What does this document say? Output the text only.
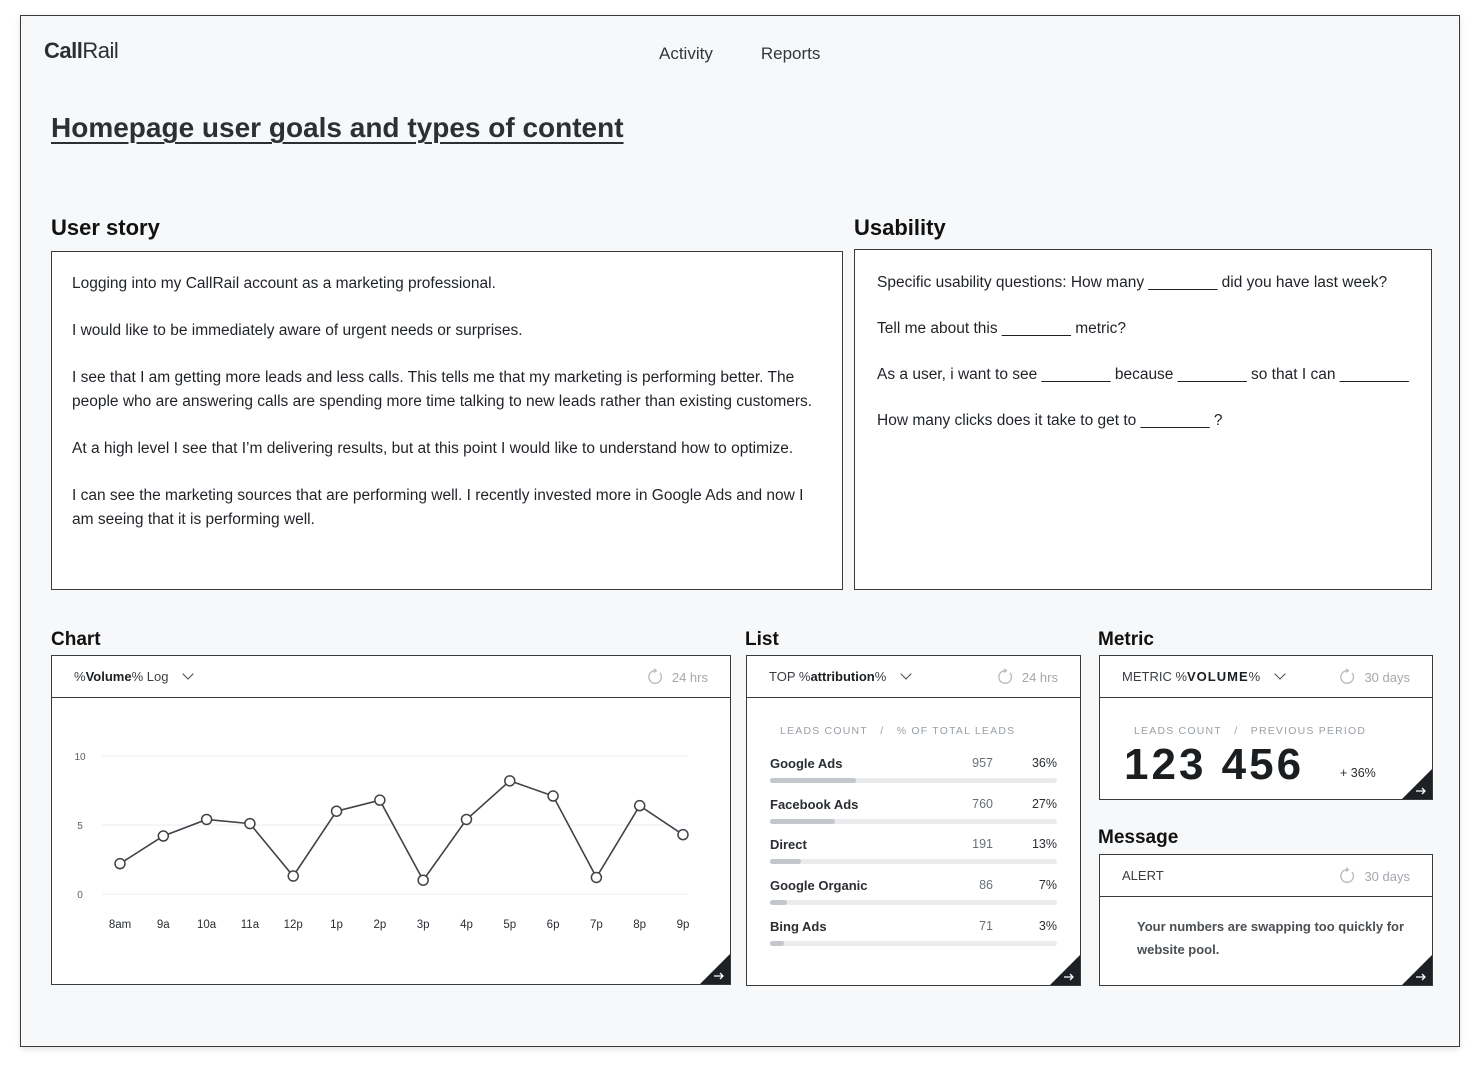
CallRail	Activity	Reports
Homepage user goals and types of content
User story

Logging into my CallRail account as a marketing professional.

I would like to be immediately aware of urgent needs or surprises.

I see that I am getting more leads and less calls. This tells me that my marketing is performing better. The people who are answering calls are spending more time talking to new leads rather than existing customers.

At a high level I see that I’m delivering results, but at this point I would like to understand how to optimize.

I can see the marketing sources that are performing well. I recently invested more in Google Ads and now I am seeing that it is performing well.

Usability

Specific usability questions: How many ________ did you have last week?

Tell me about this ________ metric?

As a user, i want to see ________ because ________ so that I can ________

How many clicks does it take to get to ________ ?

Chart
%Volume% Log	24 hrs
10
5
0
8am 9a 10a 11a 12p 1p	2p	3p	4p	5p	6p	7p	8p	9p
List
TOP %attribution%	24 hrs
LEADS COUNT / % OF TOTAL LEADS
Google Ads	957	36%
Facebook Ads	760	27%
Direct	191	13%
Google Organic	86	7%
Bing Ads	71	3%
Metric
METRIC %VOLUME%	30 days
LEADS COUNT / PREVIOUS PERIOD
123 456	+ 36%
Message
ALERT	30 days
Your numbers are swapping too quickly for website pool.
